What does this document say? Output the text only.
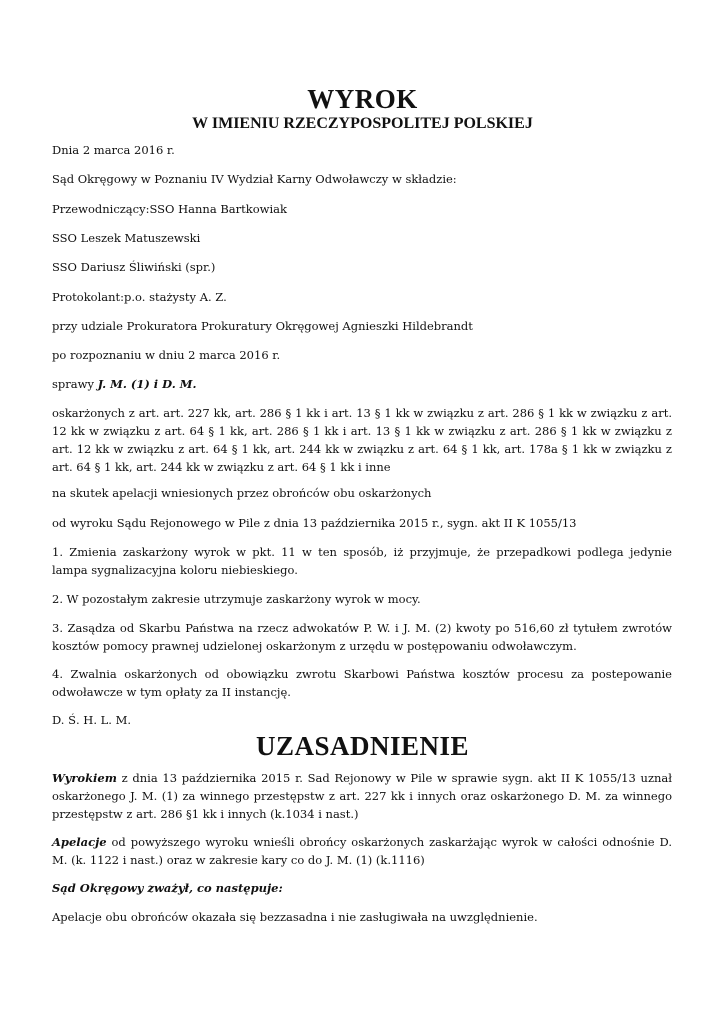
WYROK
W IMIENIU RZECZYPOSPOLITEJ POLSKIEJ

Dnia 2 marca 2016 r.

Sąd Okręgowy w Poznaniu IV Wydział Karny Odwoławczy w składzie:

Przewodniczący:SSO Hanna Bartkowiak

SSO Leszek Matuszewski

SSO Dariusz Śliwiński (spr.)

Protokolant:p.o. stażysty A. Z.

przy udziale Prokuratora Prokuratury Okręgowej Agnieszki Hildebrandt

po rozpoznaniu w dniu 2 marca 2016 r.

sprawy J. M. (1) i D. M.

oskarżonych z art. art. 227 kk, art. 286 § 1 kk i art. 13 § 1 kk w związku z art. 286 § 1 kk w związku z art. 12 kk w związku z art. 64 § 1 kk, art. 286 § 1 kk i art. 13 § 1 kk w związku z art. 286 § 1 kk w związku z art. 12 kk w związku z art. 64 § 1 kk, art. 244 kk w związku z art. 64 § 1 kk, art. 178a § 1 kk w związku z art. 64 § 1 kk, art. 244 kk w związku z art. 64 § 1 kk i inne

na skutek apelacji wniesionych przez obrońców obu oskarżonych

od wyroku Sądu Rejonowego w Pile z dnia 13 października 2015 r., sygn. akt II K 1055/13

1. Zmienia zaskarżony wyrok w pkt. 11 w ten sposób, iż przyjmuje, że przepadkowi podlega jedynie lampa sygnalizacyjna koloru niebieskiego.

2. W pozostałym zakresie utrzymuje zaskarżony wyrok w mocy.

3. Zasądza od Skarbu Państwa na rzecz adwokatów P. W. i J. M. (2) kwoty po 516,60 zł tytułem zwrotów kosztów pomocy prawnej udzielonej oskarżonym z urzędu w postępowaniu odwoławczym.

4. Zwalnia oskarżonych od obowiązku zwrotu Skarbowi Państwa kosztów procesu za postepowanie odwoławcze w tym opłaty za II instancję.

D. Ś. H. L. M.

UZASADNIENIE

Wyrokiem z dnia 13 października 2015 r. Sad Rejonowy w Pile w sprawie sygn. akt II K 1055/13 uznał oskarżonego J. M. (1) za winnego przestępstw z art. 227 kk i innych oraz oskarżonego D. M. za winnego przestępstw z art. 286 §1 kk i innych (k.1034 i nast.)

Apelacje od powyższego wyroku wnieśli obrońcy oskarżonych zaskarżając wyrok w całości odnośnie D. M. (k. 1122 i nast.) oraz w zakresie kary co do J. M. (1) (k.1116)

Sąd Okręgowy zważył, co następuje:

Apelacje obu obrońców okazała się bezzasadna i nie zasługiwała na uwzględnienie.
